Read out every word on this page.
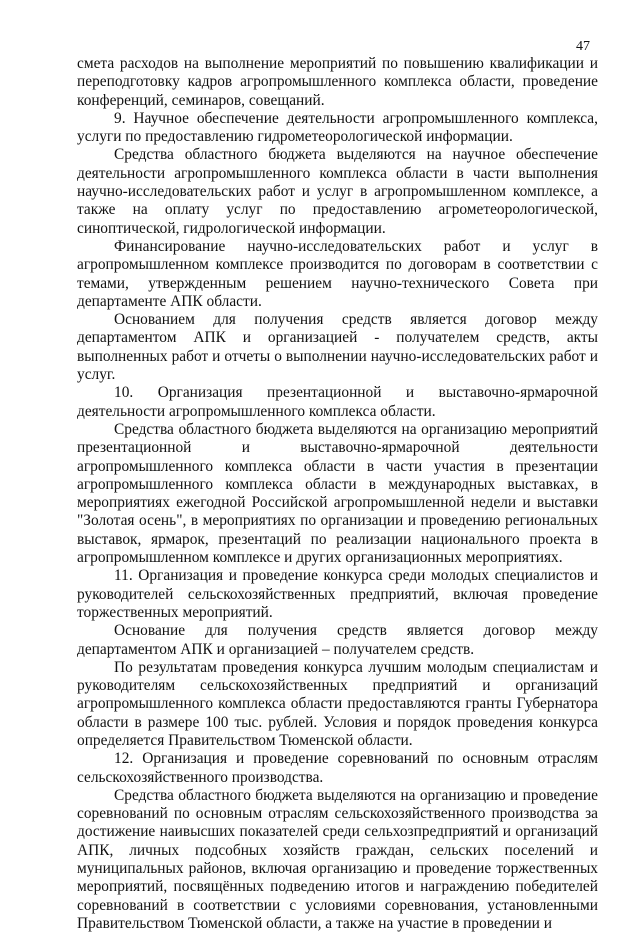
47

смета расходов на выполнение мероприятий по повышению квалификации и переподготовку кадров агропромышленного комплекса области, проведение конференций, семинаров, совещаний.

9. Научное обеспечение деятельности агропромышленного комплекса, услуги по предоставлению гидрометеорологической информации.

Средства областного бюджета выделяются на научное обеспечение деятельности агропромышленного комплекса области в части выполнения научно-исследовательских работ и услуг в агропромышленном комплексе, а также на оплату услуг по предоставлению агрометеорологической, синоптической, гидрологической информации.

Финансирование научно-исследовательских работ и услуг в агропромышленном комплексе производится по договорам в соответствии с темами, утвержденным решением научно-технического Совета при департаменте АПК области.

Основанием для получения средств является договор между департаментом АПК и организацией - получателем средств, акты выполненных работ и отчеты о выполнении научно-исследовательских работ и услуг.

10. Организация презентационной и выставочно-ярмарочной деятельности агропромышленного комплекса области.

Средства областного бюджета выделяются на организацию мероприятий презентационной и выставочно-ярмарочной деятельности агропромышленного комплекса области в части участия в презентации агропромышленного комплекса области в международных выставках, в мероприятиях ежегодной Российской агропромышленной недели и выставки "Золотая осень", в мероприятиях по организации и проведению региональных выставок, ярмарок, презентаций по реализации национального проекта в агропромышленном комплексе и других организационных мероприятиях.

11. Организация и проведение конкурса среди молодых специалистов и руководителей сельскохозяйственных предприятий, включая проведение торжественных мероприятий.

Основание для получения средств является договор между департаментом АПК и организацией – получателем средств.

По результатам проведения конкурса лучшим молодым специалистам и руководителям сельскохозяйственных предприятий и организаций агропромышленного комплекса области предоставляются гранты Губернатора области в размере 100 тыс. рублей. Условия и порядок проведения конкурса определяется Правительством Тюменской области.

12. Организация и проведение соревнований по основным отраслям сельскохозяйственного производства.

Средства областного бюджета выделяются на организацию и проведение соревнований по основным отраслям сельскохозяйственного производства за достижение наивысших показателей среди сельхозпредприятий и организаций АПК, личных подсобных хозяйств граждан, сельских поселений и муниципальных районов, включая организацию и проведение торжественных мероприятий, посвящённых подведению итогов и награждению победителей соревнований в соответствии с условиями соревнования, установленными Правительством Тюменской области, а также на участие в проведении и
